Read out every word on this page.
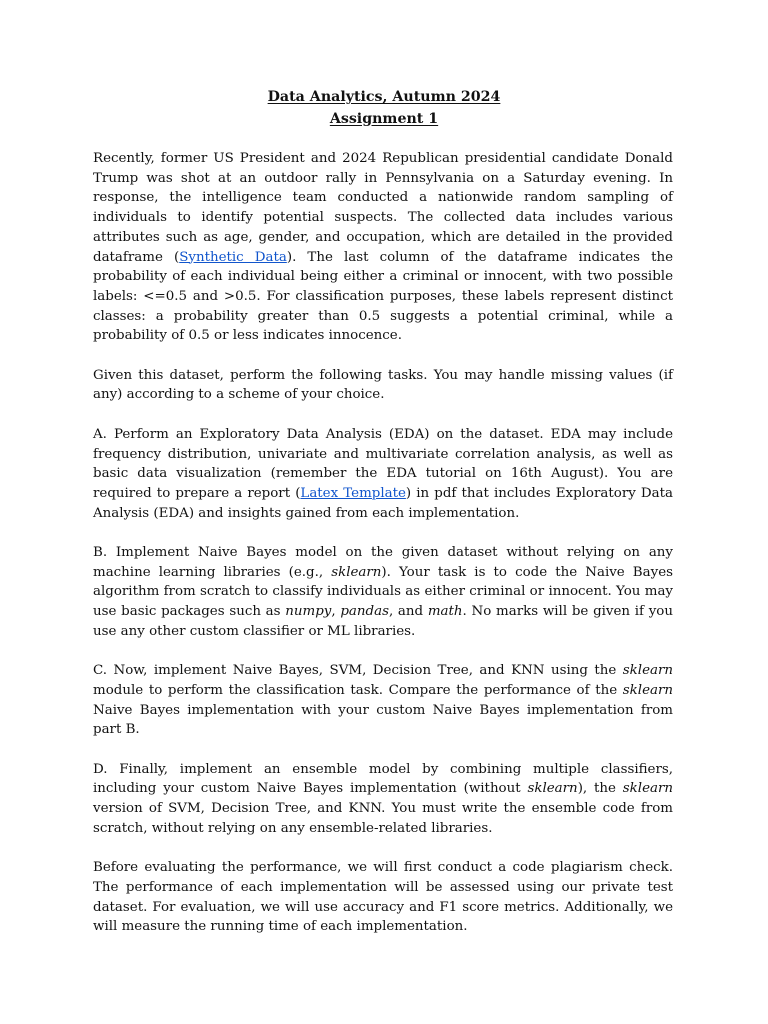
Data Analytics, Autumn 2024
Assignment 1

Recently, former US President and 2024 Republican presidential candidate Donald Trump was shot at an outdoor rally in Pennsylvania on a Saturday evening. In response, the intelligence team conducted a nationwide random sampling of individuals to identify potential suspects. The collected data includes various attributes such as age, gender, and occupation, which are detailed in the provided dataframe (Synthetic Data). The last column of the dataframe indicates the probability of each individual being either a criminal or innocent, with two possible labels: <=0.5 and >0.5. For classification purposes, these labels represent distinct classes: a probability greater than 0.5 suggests a potential criminal, while a probability of 0.5 or less indicates innocence.

Given this dataset, perform the following tasks. You may handle missing values (if any) according to a scheme of your choice.

A. Perform an Exploratory Data Analysis (EDA) on the dataset. EDA may include frequency distribution, univariate and multivariate correlation analysis, as well as basic data visualization (remember the EDA tutorial on 16th August). You are required to prepare a report (Latex Template) in pdf that includes Exploratory Data Analysis (EDA) and insights gained from each implementation.

B. Implement Naive Bayes model on the given dataset without relying on any machine learning libraries (e.g., sklearn). Your task is to code the Naive Bayes algorithm from scratch to classify individuals as either criminal or innocent. You may use basic packages such as numpy, pandas, and math. No marks will be given if you use any other custom classifier or ML libraries.

C. Now, implement Naive Bayes, SVM, Decision Tree, and KNN using the sklearn module to perform the classification task. Compare the performance of the sklearn Naive Bayes implementation with your custom Naive Bayes implementation from part B.

D. Finally, implement an ensemble model by combining multiple classifiers, including your custom Naive Bayes implementation (without sklearn), the sklearn version of SVM, Decision Tree, and KNN. You must write the ensemble code from scratch, without relying on any ensemble-related libraries.

Before evaluating the performance, we will first conduct a code plagiarism check. The performance of each implementation will be assessed using our private test dataset. For evaluation, we will use accuracy and F1 score metrics. Additionally, we will measure the running time of each implementation.
